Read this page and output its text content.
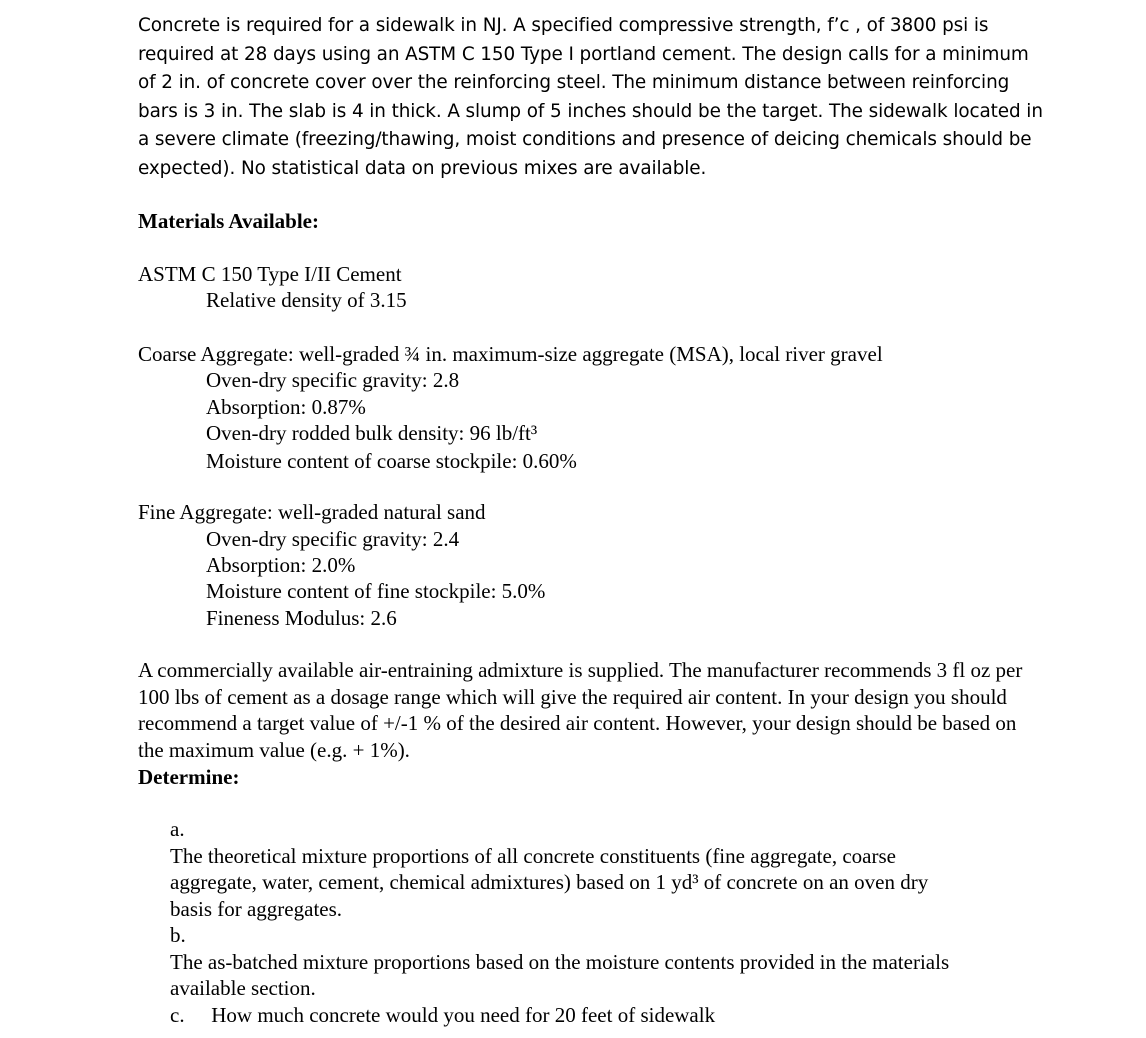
Concrete is required for a sidewalk in NJ. A specified compressive strength, f’c , of 3800 psi is required at 28 days using an ASTM C 150 Type I portland cement. The design calls for a minimum of 2 in. of concrete cover over the reinforcing steel. The minimum distance between reinforcing bars is 3 in. The slab is 4 in thick. A slump of 5 inches should be the target. The sidewalk located in a severe climate (freezing/thawing, moist conditions and presence of deicing chemicals should be expected). No statistical data on previous mixes are available.

Materials Available:

ASTM C 150 Type I/II Cement

Relative density of 3.15

Coarse Aggregate: well-graded ¾ in. maximum-size aggregate (MSA), local river gravel

Oven-dry specific gravity: 2.8

Absorption: 0.87%

Oven-dry rodded bulk density: 96 lb/ft³

Moisture content of coarse stockpile: 0.60%

Fine Aggregate: well-graded natural sand

Oven-dry specific gravity: 2.4

Absorption: 2.0%

Moisture content of fine stockpile: 5.0%

Fineness Modulus: 2.6

A commercially available air-entraining admixture is supplied. The manufacturer recommends 3 fl oz per 100 lbs of cement as a dosage range which will give the required air content. In your design you should recommend a target value of +/-1 % of the desired air content. However, your design should be based on the maximum value (e.g. + 1%).

Determine:

a. The theoretical mixture proportions of all concrete constituents (fine aggregate, coarse aggregate, water, cement, chemical admixtures) based on 1 yd³ of concrete on an oven dry basis for aggregates.
b. The as-batched mixture proportions based on the moisture contents provided in the materials available section.
c. How much concrete would you need for 20 feet of sidewalk
